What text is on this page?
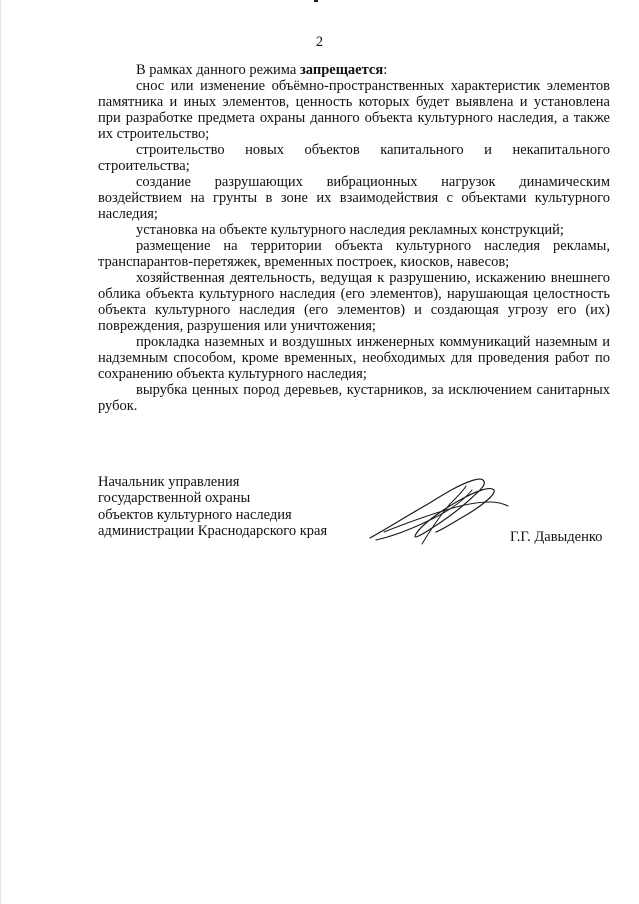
2

В рамках данного режима запрещается:

снос или изменение объёмно-пространственных характеристик элементов памятника и иных элементов, ценность которых будет выявлена и установлена при разработке предмета охраны данного объекта культурного наследия, а также их строительство;

строительство новых объектов капитального и некапитального строительства;

создание разрушающих вибрационных нагрузок динамическим воздействием на грунты в зоне их взаимодействия с объектами культурного наследия;

установка на объекте культурного наследия рекламных конструкций;

размещение на территории объекта культурного наследия рекламы, транспарантов-перетяжек, временных построек, киосков, навесов;

хозяйственная деятельность, ведущая к разрушению, искажению внешнего облика объекта культурного наследия (его элементов), нарушающая целостность объекта культурного наследия (его элементов) и создающая угрозу его (их) повреждения, разрушения или уничтожения;

прокладка наземных и воздушных инженерных коммуникаций наземным и надземным способом, кроме временных, необходимых для проведения работ по сохранению объекта культурного наследия;

вырубка ценных пород деревьев, кустарников, за исключением санитарных рубок.

Начальник управления
государственной охраны
объектов культурного наследия
администрации Краснодарского края	Г.Г. Давыденко
